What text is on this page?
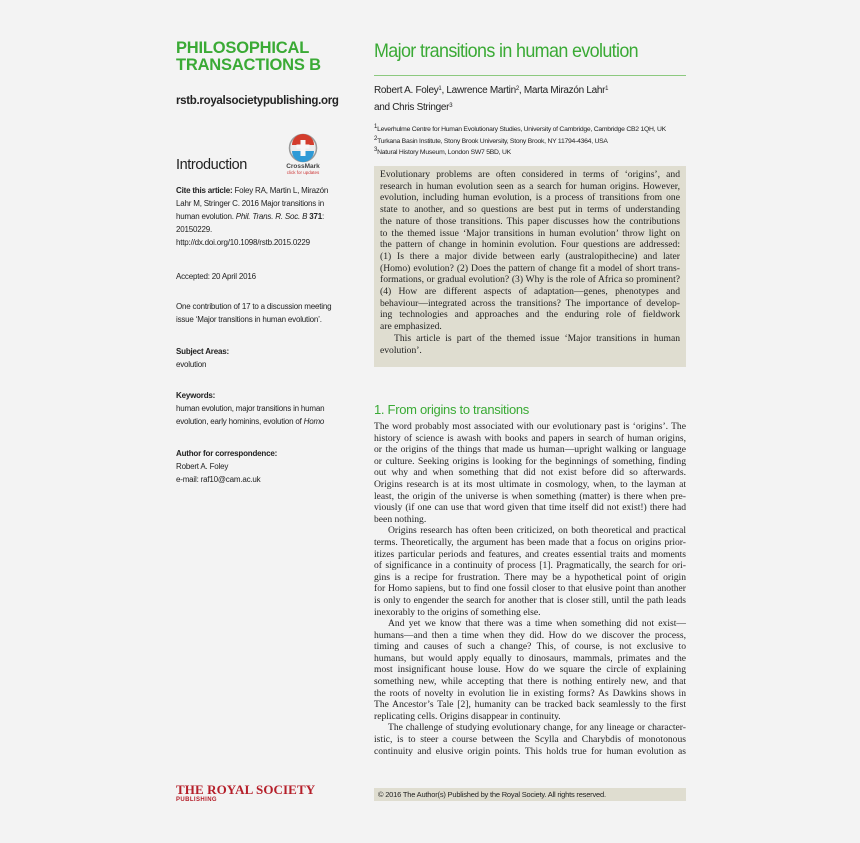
PHILOSOPHICAL
TRANSACTIONS B
rstb.royalsocietypublishing.org
CrossMark
click for updates
Introduction
Cite this article: Foley RA, Martin L, Mirazón
Lahr M, Stringer C. 2016 Major transitions in
human evolution. Phil. Trans. R. Soc. B 371:
20150229.
http://dx.doi.org/10.1098/rstb.2015.0229
Accepted: 20 April 2016
One contribution of 17 to a discussion meeting
issue ‘Major transitions in human evolution’.
Subject Areas:
evolution
Keywords:
human evolution, major transitions in human
evolution, early hominins, evolution of Homo
Author for correspondence:
Robert A. Foley
e-mail: raf10@cam.ac.uk
THE ROYAL SOCIETY
PUBLISHING
Major transitions in human evolution
Robert A. Foley$^1$, Lawrence Martin$^2$, Marta Mirazón Lahr$^1$
and Chris Stringer$^3$
$^1$Leverhulme Centre for Human Evolutionary Studies, University of Cambridge, Cambridge CB2 1QH, UK
$^2$Turkana Basin Institute, Stony Brook University, Stony Brook, NY 11794-4364, USA
$^3$Natural History Museum, London SW7 5BD, UK
Evolutionary problems are often considered in terms of ‘origins’, and
research in human evolution seen as a search for human origins. However,
evolution, including human evolution, is a process of transitions from one
state to another, and so questions are best put in terms of understanding
the nature of those transitions. This paper discusses how the contributions
to the themed issue ‘Major transitions in human evolution’ throw light on
the pattern of change in hominin evolution. Four questions are addressed:
(1) Is there a major divide between early (australopithecine) and later
(Homo) evolution? (2) Does the pattern of change fit a model of short trans-
formations, or gradual evolution? (3) Why is the role of Africa so prominent?
(4) How are different aspects of adaptation—genes, phenotypes and
behaviour—integrated across the transitions? The importance of develop-
ing technologies and approaches and the enduring role of fieldwork
are emphasized.
This article is part of the themed issue ‘Major transitions in human
evolution’.
1. From origins to transitions
The word probably most associated with our evolutionary past is ‘origins’. The
history of science is awash with books and papers in search of human origins,
or the origins of the things that made us human—upright walking or language
or culture. Seeking origins is looking for the beginnings of something, finding
out why and when something that did not exist before did so afterwards.
Origins research is at its most ultimate in cosmology, when, to the layman at
least, the origin of the universe is when something (matter) is there when pre-
viously (if one can use that word given that time itself did not exist!) there had
been nothing.
Origins research has often been criticized, on both theoretical and practical
terms. Theoretically, the argument has been made that a focus on origins prior-
itizes particular periods and features, and creates essential traits and moments
of significance in a continuity of process [1]. Pragmatically, the search for ori-
gins is a recipe for frustration. There may be a hypothetical point of origin
for Homo sapiens, but to find one fossil closer to that elusive point than another
is only to engender the search for another that is closer still, until the path leads
inexorably to the origins of something else.
And yet we know that there was a time when something did not exist—
humans—and then a time when they did. How do we discover the process,
timing and causes of such a change? This, of course, is not exclusive to
humans, but would apply equally to dinosaurs, mammals, primates and the
most insignificant house louse. How do we square the circle of explaining
something new, while accepting that there is nothing entirely new, and that
the roots of novelty in evolution lie in existing forms? As Dawkins shows in
The Ancestor’s Tale [2], humanity can be tracked back seamlessly to the first
replicating cells. Origins disappear in continuity.
The challenge of studying evolutionary change, for any lineage or character-
istic, is to steer a course between the Scylla and Charybdis of monotonous
continuity and elusive origin points. This holds true for human evolution as
© 2016 The Author(s) Published by the Royal Society. All rights reserved.
